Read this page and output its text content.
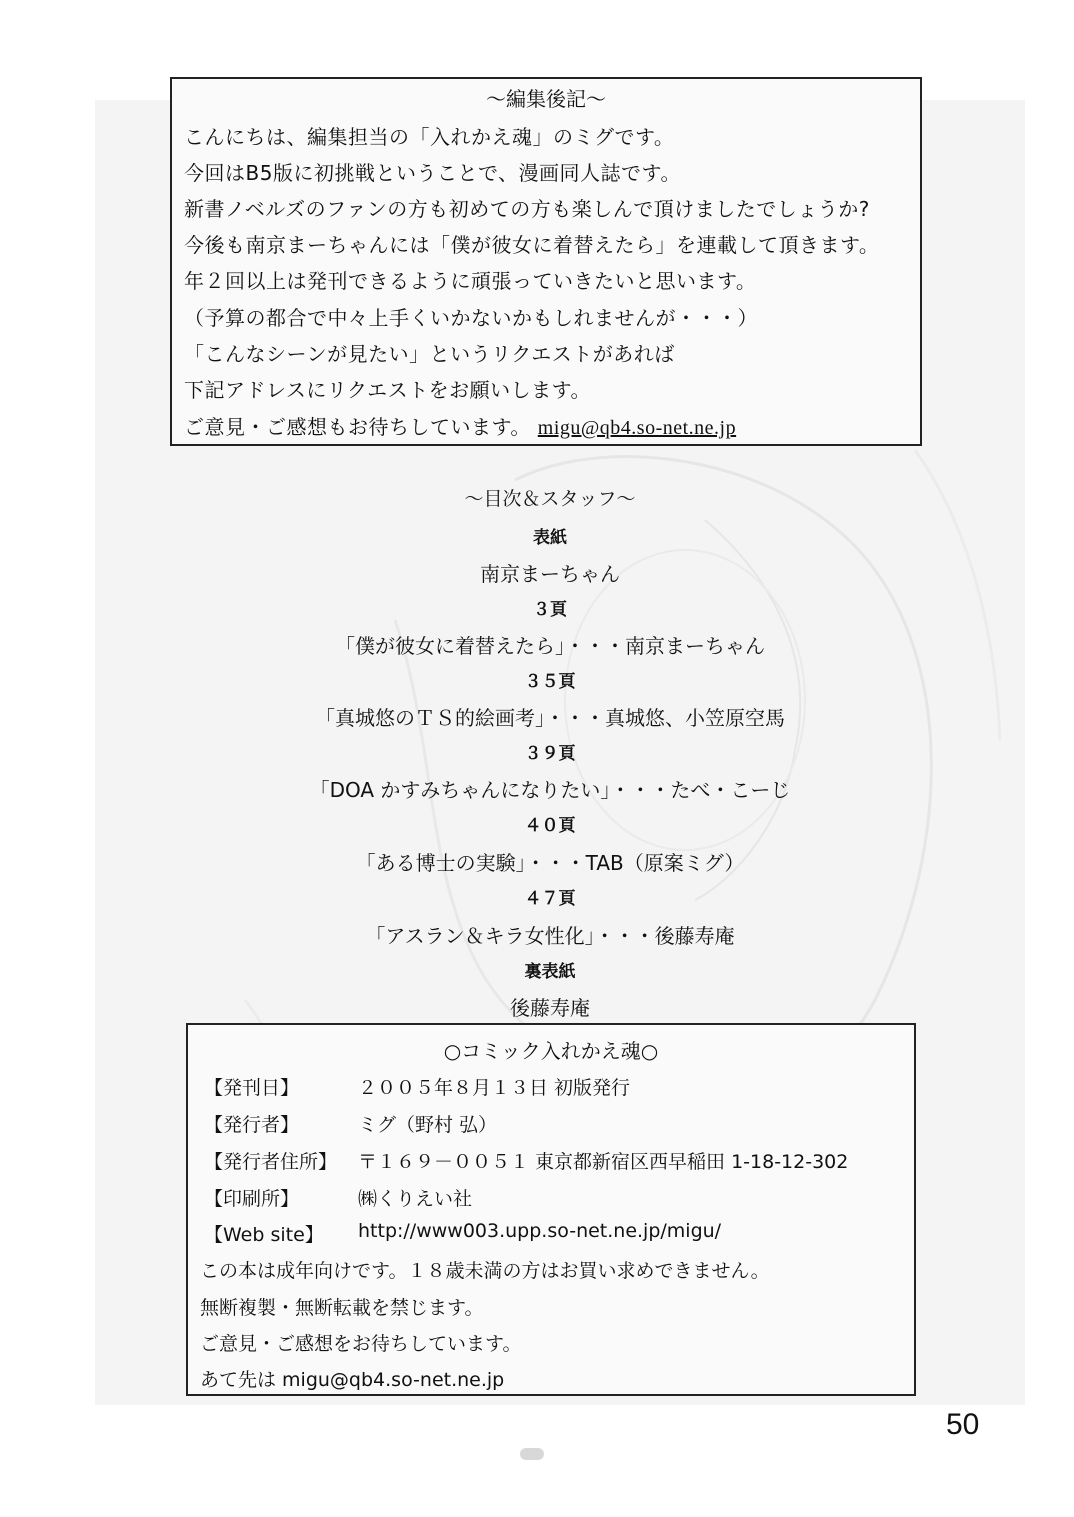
～編集後記～
こんにちは、編集担当の「入れかえ魂」のミグです。
今回はB5版に初挑戦ということで、漫画同人誌です。
新書ノベルズのファンの方も初めての方も楽しんで頂けましたでしょうか?
今後も南京まーちゃんには「僕が彼女に着替えたら」を連載して頂きます。
年２回以上は発刊できるように頑張っていきたいと思います。
（予算の都合で中々上手くいかないかもしれませんが・・・）
「こんなシーンが見たい」というリクエストがあれば
下記アドレスにリクエストをお願いします。
ご意見・ご感想もお待ちしています。 migu@qb4.so-net.ne.jp
～目次＆スタッフ～
表紙
南京まーちゃん
３頁
「僕が彼女に着替えたら」・・・南京まーちゃん
３５頁
「真城悠のＴＳ的絵画考」・・・真城悠、小笠原空馬
３９頁
「DOA かすみちゃんになりたい」・・・たべ・こーじ
４０頁
「ある博士の実験」・・・TAB（原案ミグ）
４７頁
「アスラン＆キラ女性化」・・・後藤寿庵
裏表紙
後藤寿庵
○コミック入れかえ魂○
【発刊日】	２００５年８月１３日 初版発行
【発行者】	ミグ（野村 弘）
【発行者住所】 〒１６９－００５１ 東京都新宿区西早稲田 1-18-12-302
【印刷所】	㈱くりえい社
【Web site】 http://www003.upp.so-net.ne.jp/migu/
この本は成年向けです。１８歳未満の方はお買い求めできません。
無断複製・無断転載を禁じます。
ご意見・ご感想をお待ちしています。
あて先は migu@qb4.so-net.ne.jp
50
